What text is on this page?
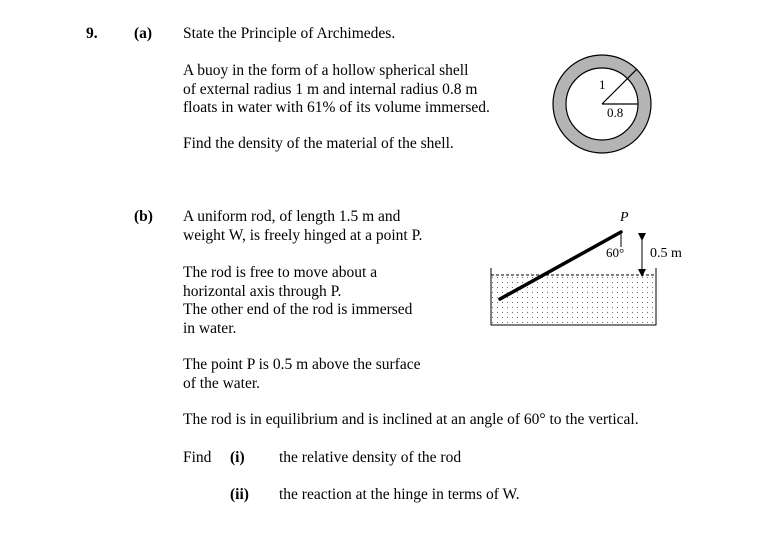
9. (a) State the Principle of Archimedes.
A buoy in the form of a hollow spherical shell
of external radius 1 m and internal radius 0.8 m
floats in water with 61% of its volume immersed.
Find the density of the material of the shell.
1
0.8
(b) A uniform rod, of length 1.5 m and
weight W, is freely hinged at a point P.
The rod is free to move about a
horizontal axis through P.
The other end of the rod is immersed
in water.
The point P is 0.5 m above the surface
of the water.
The rod is in equilibrium and is inclined at an angle of 60° to the vertical.
Find (i) the relative density of the rod
(ii) the reaction at the hinge in terms of W.
P
60° 0.5 m
